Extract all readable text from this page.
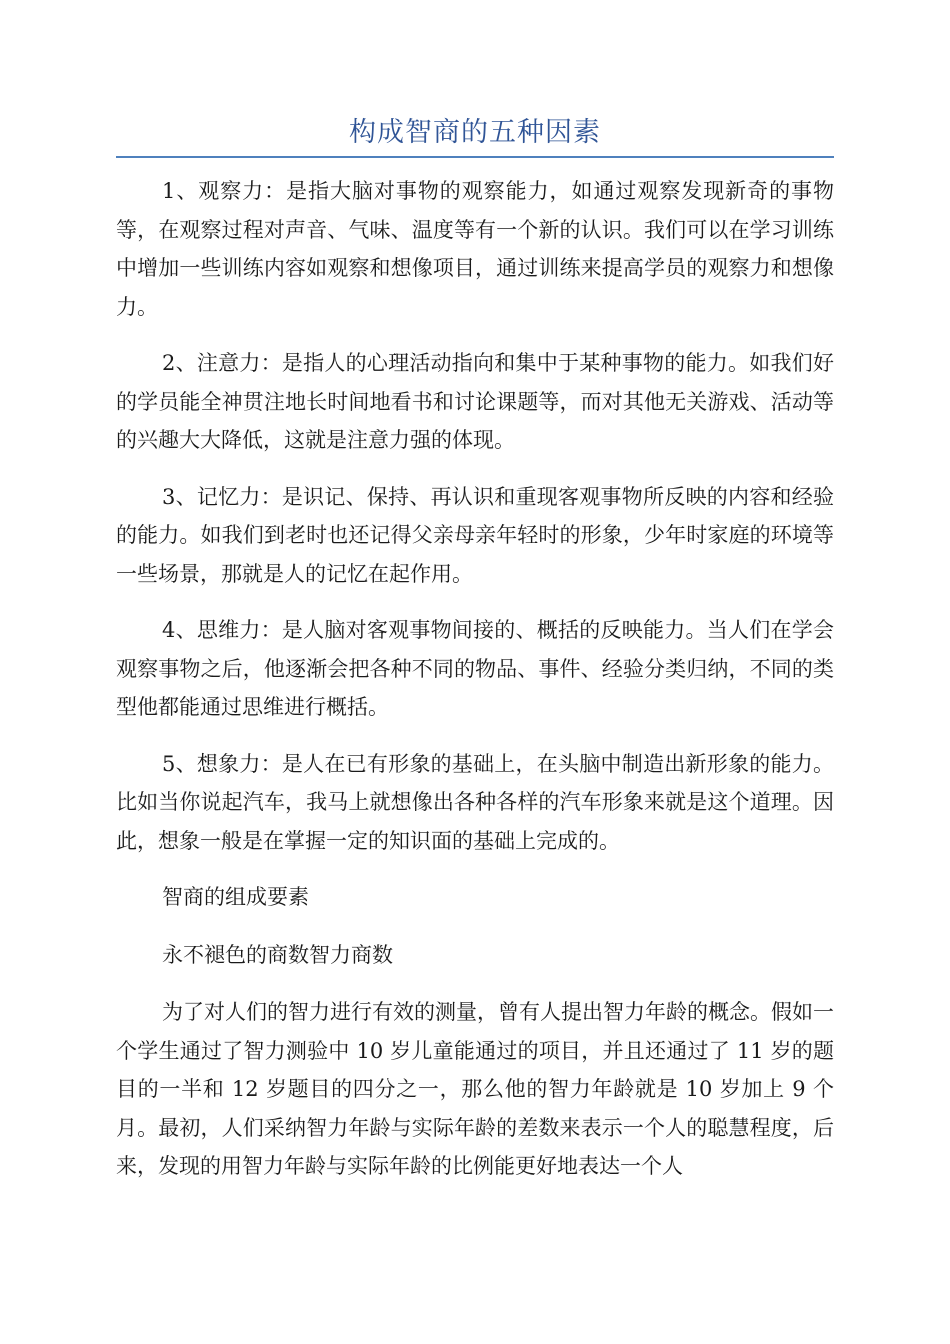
构成智商的五种因素

1、观察力：是指大脑对事物的观察能力，如通过观察发现新奇的事物等，在观察过程对声音、气味、温度等有一个新的认识。我们可以在学习训练中增加一些训练内容如观察和想像项目，通过训练来提高学员的观察力和想像力。

2、注意力：是指人的心理活动指向和集中于某种事物的能力。如我们好的学员能全神贯注地长时间地看书和讨论课题等，而对其他无关游戏、活动等的兴趣大大降低，这就是注意力强的体现。

3、记忆力：是识记、保持、再认识和重现客观事物所反映的内容和经验的能力。如我们到老时也还记得父亲母亲年轻时的形象，少年时家庭的环境等一些场景，那就是人的记忆在起作用。

4、思维力：是人脑对客观事物间接的、概括的反映能力。当人们在学会观察事物之后，他逐渐会把各种不同的物品、事件、经验分类归纳，不同的类型他都能通过思维进行概括。

5、想象力：是人在已有形象的基础上，在头脑中制造出新形象的能力。比如当你说起汽车，我马上就想像出各种各样的汽车形象来就是这个道理。因此，想象一般是在掌握一定的知识面的基础上完成的。

智商的组成要素

永不褪色的商数智力商数

为了对人们的智力进行有效的测量，曾有人提出智力年龄的概念。假如一个学生通过了智力测验中 10 岁儿童能通过的项目，并且还通过了 11 岁的题目的一半和 12 岁题目的四分之一，那么他的智力年龄就是 10 岁加上 9 个月。最初，人们采纳智力年龄与实际年龄的差数来表示一个人的聪慧程度，后来，发现的用智力年龄与实际年龄的比例能更好地表达一个人
